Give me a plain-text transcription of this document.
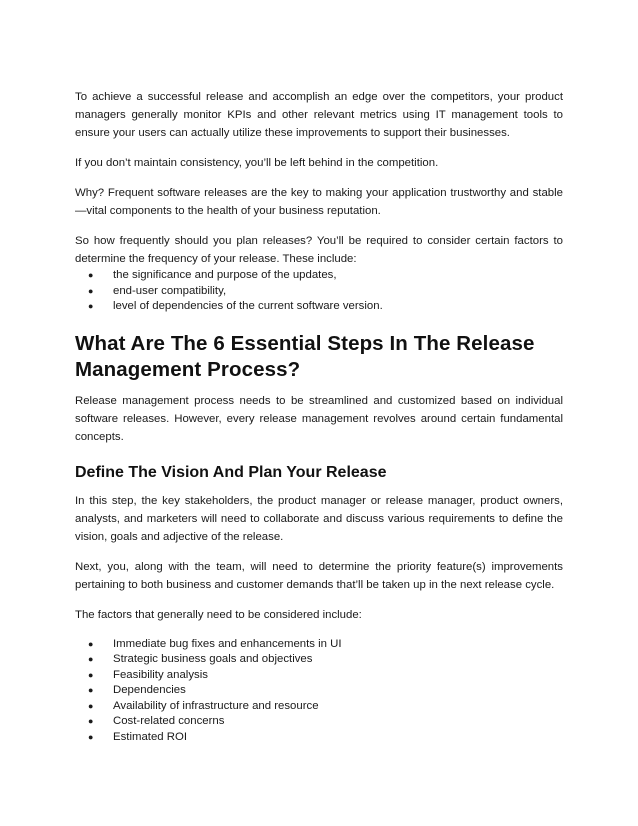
To achieve a successful release and accomplish an edge over the competitors, your product managers generally monitor KPIs and other relevant metrics using IT management tools to ensure your users can actually utilize these improvements to support their businesses.

If you don’t maintain consistency, you’ll be left behind in the competition.

Why? Frequent software releases are the key to making your application trustworthy and stable—vital components to the health of your business reputation.

So how frequently should you plan releases? You’ll be required to consider certain factors to determine the frequency of your release. These include:

● the significance and purpose of the updates,
● end-user compatibility,
● level of dependencies of the current software version.
What Are The 6 Essential Steps In The Release Management Process?

Release management process needs to be streamlined and customized based on individual software releases. However, every release management revolves around certain fundamental concepts.

Define The Vision And Plan Your Release

In this step, the key stakeholders, the product manager or release manager, product owners, analysts, and marketers will need to collaborate and discuss various requirements to define the vision, goals and adjective of the release.

Next, you, along with the team, will need to determine the priority feature(s) improvements pertaining to both business and customer demands that’ll be taken up in the next release cycle.

The factors that generally need to be considered include:

● Immediate bug fixes and enhancements in UI
● Strategic business goals and objectives
● Feasibility analysis
● Dependencies
● Availability of infrastructure and resource
● Cost-related concerns
● Estimated ROI
